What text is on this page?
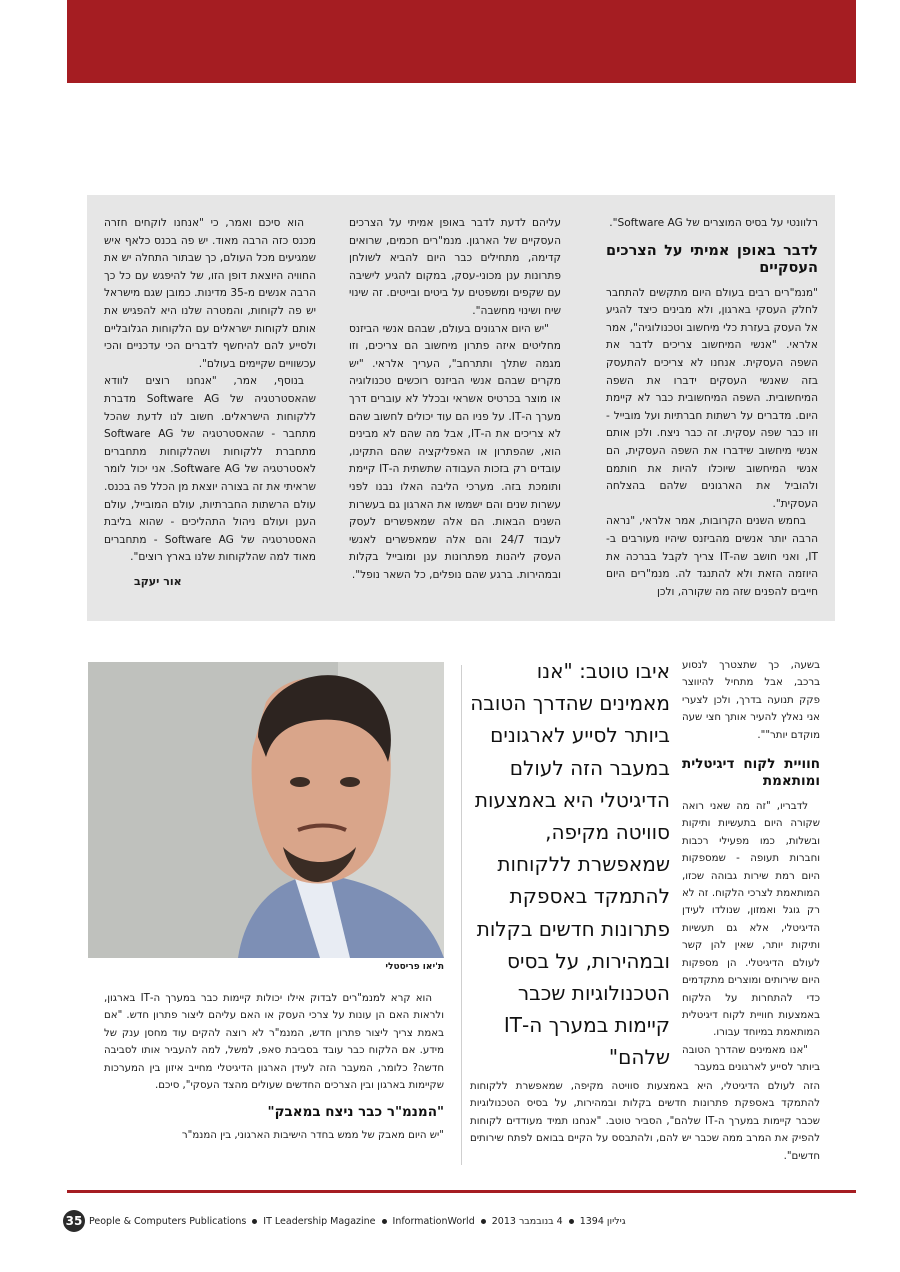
רלוונטי על בסיס המוצרים של Software AG".

לדבר באופן אמיתי על הצרכים העסקיים

"מנמ"רים רבים בעולם היום מתקשים להתחבר לחלק העסקי בארגון, ולא מבינים כיצד להגיע אל העסק בעזרת כלי מיחשוב וטכנולוגיה", אמר אלראי. "אנשי המיחשוב צריכים לדבר את השפה העסקית. אנחנו לא צריכים להתעסק בזה שאנשי העסקים ידברו את השפה המיחשובית. השפה המיחשובית כבר לא קיימת היום. מדברים על רשתות חברתיות ועל מובייל - וזו כבר שפה עסקית. זה כבר ניצח. ולכן אותם אנשי מיחשוב שידברו את השפה העסקית, הם אנשי המיחשוב שיוכלו להיות את חותמם ולהוביל את הארגונים שלהם בהצלחה העסקית".

בחמש השנים הקרובות, אמר אלראי, "נראה הרבה יותר אנשים מהביזנס שיהיו מעורבים ב-IT, ואני חושב שה-IT צריך לקבל בברכה את היוזמה הזאת ולא להתנגד לה. מנמ"רים היום חייבים להפנים שזה מה שקורה, ולכן

עליהם לדעת לדבר באופן אמיתי על הצרכים העסקיים של הארגון. מנמ"רים חכמים, שרואים קדימה, מתחילים כבר היום להביא לשולחן פתרונות ענן מכוני-עסק, במקום להגיע לישיבה עם שקפים ומשפטים על ביטים ובייטים. זה שינוי שיח ושינוי מחשבה".

"יש היום ארגונים בעולם, שבהם אנשי הביזנס מחליטים איזה פתרון מיחשוב הם צריכים, וזו מגמה שתלך ותתרחב", העריך אלראי. "יש מקרים שבהם אנשי הביזנס רוכשים טכנולוגיה או מוצר בכרטיס אשראי ובכלל לא עוברים דרך מערך ה-IT. על פניו הם עוד יכולים לחשוב שהם לא צריכים את ה-IT, אבל מה שהם לא מבינים הוא, שהפתרון או האפליקציה שהם התקינו, עובדים רק בזכות העבודה שתשתית ה-IT קיימת ותומכת בזה. מערכי הליבה האלו נבנו לפני עשרות שנים והם ישמשו את הארגון גם בעשרות השנים הבאות. הם אלה שמאפשרים לעסק לעבוד 24/7 והם אלה שמאפשרים לאנשי העסק ליהנות מפתרונות ענן ומובייל בקלות ובמהירות. ברגע שהם נופלים, כל השאר נופל".

הוא סיכם ואמר, כי "אנחנו לוקחים חזרה מכנס כזה הרבה מאוד. יש פה בכנס כלאף איש שמגיעים מכל העולם, כך שבתור התחלה יש את החוויה היוצאת דופן הזו, של להיפגש עם כל כך הרבה אנשים מ-35 מדינות. כמובן שגם מישראל יש פה לקוחות, והמטרה שלנו היא להפגיש את אותם לקוחות ישראלים עם הלקוחות הגלובליים ולסייע להם להיחשף לדברים הכי עדכניים והכי עכשוויים שקיימים בעולם".

בנוסף, אמר, "אנחנו רוצים לוודא שהאסטרטגיה של Software AG מדברת ללקוחות הישראלים. חשוב לנו לדעת שהכל מתחבר - שהאסטרטגיה של Software AG מתחברת ללקוחות ושהלקוחות מתחברים לאסטרטגיה של Software AG. אני יכול לומר שראיתי את זה בצורה יוצאת מן הכלל פה בכנס. עולם הרשתות החברתיות, עולם המובייל, עולם הענן ועולם ניהול התהליכים - שהוא בליבת האסטרטגיה של Software AG - מתחברים מאוד למה שהלקוחות שלנו בארץ רוצים".

אור יעקב

בשעה, כך שתצטרך לנסוע ברכב, אבל מתחיל להיווצר פקק תנועה בדרך, ולכן לצערי אני נאלץ להעיר אותך חצי שעה מוקדם יותר"".

חוויית לקוח דיגיטלית ומותאמת

לדבריו, "זה מה שאני רואה שקורה היום בתעשיות ותיקות ובשלות, כמו מפעילי רכבות וחברות תעופה - שמספקות היום רמת שירות גבוהה שכזו, המותאמת לצרכי הלקוח. זה לא רק גוגל ואמזון, שנולדו לעידן הדיגיטלי, אלא גם תעשיות ותיקות יותר, שאין להן קשר לעולם הדיגיטלי. הן מספקות היום שירותים ומוצרים מתקדמים כדי להתחרות על הלקוח באמצעות חוויית לקוח דיגיטלית המותאמת במיוחד עבורו.

"אנו מאמינים שהדרך הטובה ביותר לסייע לארגונים במעבר

הזה לעולם הדיגיטלי, היא באמצעות סוויטה מקיפה, שמאפשרת ללקוחות להתמקד באספקת פתרונות חדשים בקלות ובמהירות, על בסיס הטכנולוגיות שכבר קיימות במערך ה-IT שלהם", הסביר טוטב. "אנחנו תמיד מעודדים לקוחות להפיק את המרב ממה שכבר יש להם, ולהתבסס על הקיים בבואם לפתח שירותים חדשים".

איבו טוטב: "אנו מאמינים שהדרך הטובה ביותר לסייע לארגונים במעבר הזה לעולם הדיגיטלי היא באמצעות סוויטה מקיפה, שמאפשרת ללקוחות להתמקד באספקת פתרונות חדשים בקלות ובמהירות, על בסיס הטכנולוגיות שכבר קיימות במערך ה-IT שלהם"
ת'יאו פריסטלי

הוא קרא למנמ"רים לבדוק אילו יכולות קיימות כבר במערך ה-IT בארגון, ולראות האם הן עונות על צרכי העסק או האם עליהם ליצור פתרון חדש. "אם באמת צריך ליצור פתרון חדש, המנמ"ר לא רוצה להקים עוד מחסן ענק של מידע. אם הלקוח כבר עובד בסביבת סאפ, למשל, למה להעביר אותו לסביבה חדשה? כלומר, המעבר הזה לעידן הארגון הדיגיטלי מחייב איזון בין המערכות שקיימות בארגון ובין הצרכים החדשים שעולים מהצד העסקי", סיכם.

"המנמ"ר כבר ניצח במאבק"

"יש היום מאבק של ממש בחדר הישיבות הארגוני, בין המנמ"ר

35 People & Computers Publications IT Leadership Magazine InformationWorld 4 בנובמבר 2013 גיליון 1394
